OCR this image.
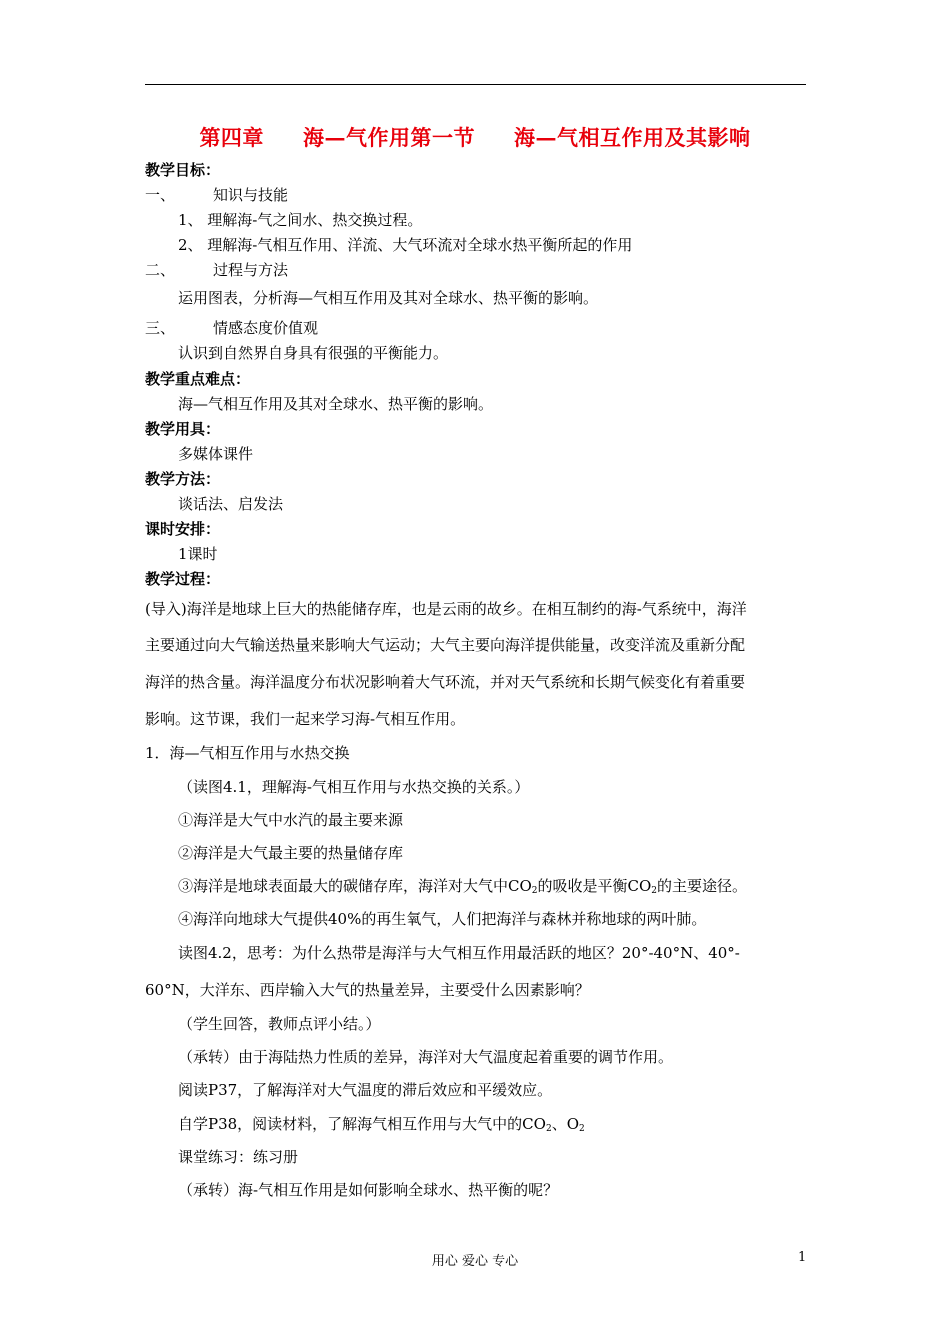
第四章     海—气作用第一节     海—气相互作用及其影响
教学目标：
一、	知识与技能
1、 理解海-气之间水、热交换过程。
2、 理解海-气相互作用、洋流、大气环流对全球水热平衡所起的作用
二、	过程与方法
运用图表，分析海—气相互作用及其对全球水、热平衡的影响。
三、	情感态度价值观
认识到自然界自身具有很强的平衡能力。
教学重点难点：
海—气相互作用及其对全球水、热平衡的影响。
教学用具：
多媒体课件
教学方法：
谈话法、启发法
课时安排：
1课时
教学过程：
(导入)海洋是地球上巨大的热能储存库，也是云雨的故乡。在相互制约的海-气系统中，海洋
主要通过向大气输送热量来影响大气运动；大气主要向海洋提供能量，改变洋流及重新分配
海洋的热含量。海洋温度分布状况影响着大气环流，并对天气系统和长期气候变化有着重要
影响。这节课，我们一起来学习海-气相互作用。
1．海—气相互作用与水热交换
（读图4.1，理解海-气相互作用与水热交换的关系。）
①海洋是大气中水汽的最主要来源
②海洋是大气最主要的热量储存库
③海洋是地球表面最大的碳储存库，海洋对大气中$CO_2$的吸收是平衡$CO_2$的主要途径。
④海洋向地球大气提供40%的再生氧气，人们把海洋与森林并称地球的两叶肺。
读图4.2，思考：为什么热带是海洋与大气相互作用最活跃的地区？20°-40°N、40°-
60°N，大洋东、西岸输入大气的热量差异，主要受什么因素影响？
（学生回答，教师点评小结。）
（承转）由于海陆热力性质的差异，海洋对大气温度起着重要的调节作用。
阅读P37，了解海洋对大气温度的滞后效应和平缓效应。
自学P38，阅读材料，了解海气相互作用与大气中的$CO_2$、$O_2$
课堂练习：练习册
（承转）海-气相互作用是如何影响全球水、热平衡的呢？
用心 爱心 专心	1
